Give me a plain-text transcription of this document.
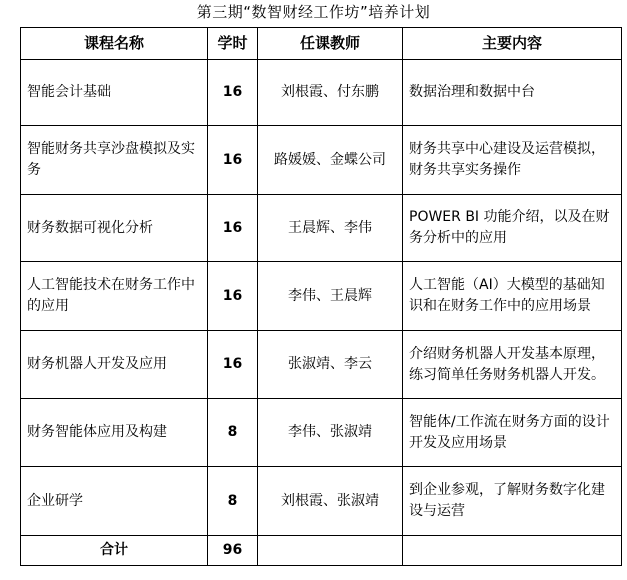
第三期“数智财经工作坊”培养计划
课程名称	学时	任课教师	主要内容
智能会计基础	16	刘根霞、付东鹏	数据治理和数据中台
智能财务共享沙盘模拟及实务	16	路媛媛、金蝶公司	财务共享中心建设及运营模拟，财务共享实务操作
财务数据可视化分析	16	王晨辉、李伟	POWER BI 功能介绍，以及在财务分析中的应用
人工智能技术在财务工作中的应用	16	李伟、王晨辉	人工智能（AI）大模型的基础知识和在财务工作中的应用场景
财务机器人开发及应用	16	张淑靖、李云	介绍财务机器人开发基本原理，练习简单任务财务机器人开发。
财务智能体应用及构建	8	李伟、张淑靖	智能体/工作流在财务方面的设计开发及应用场景
企业研学	8	刘根霞、张淑靖	到企业参观，了解财务数字化建设与运营
合计	96		
